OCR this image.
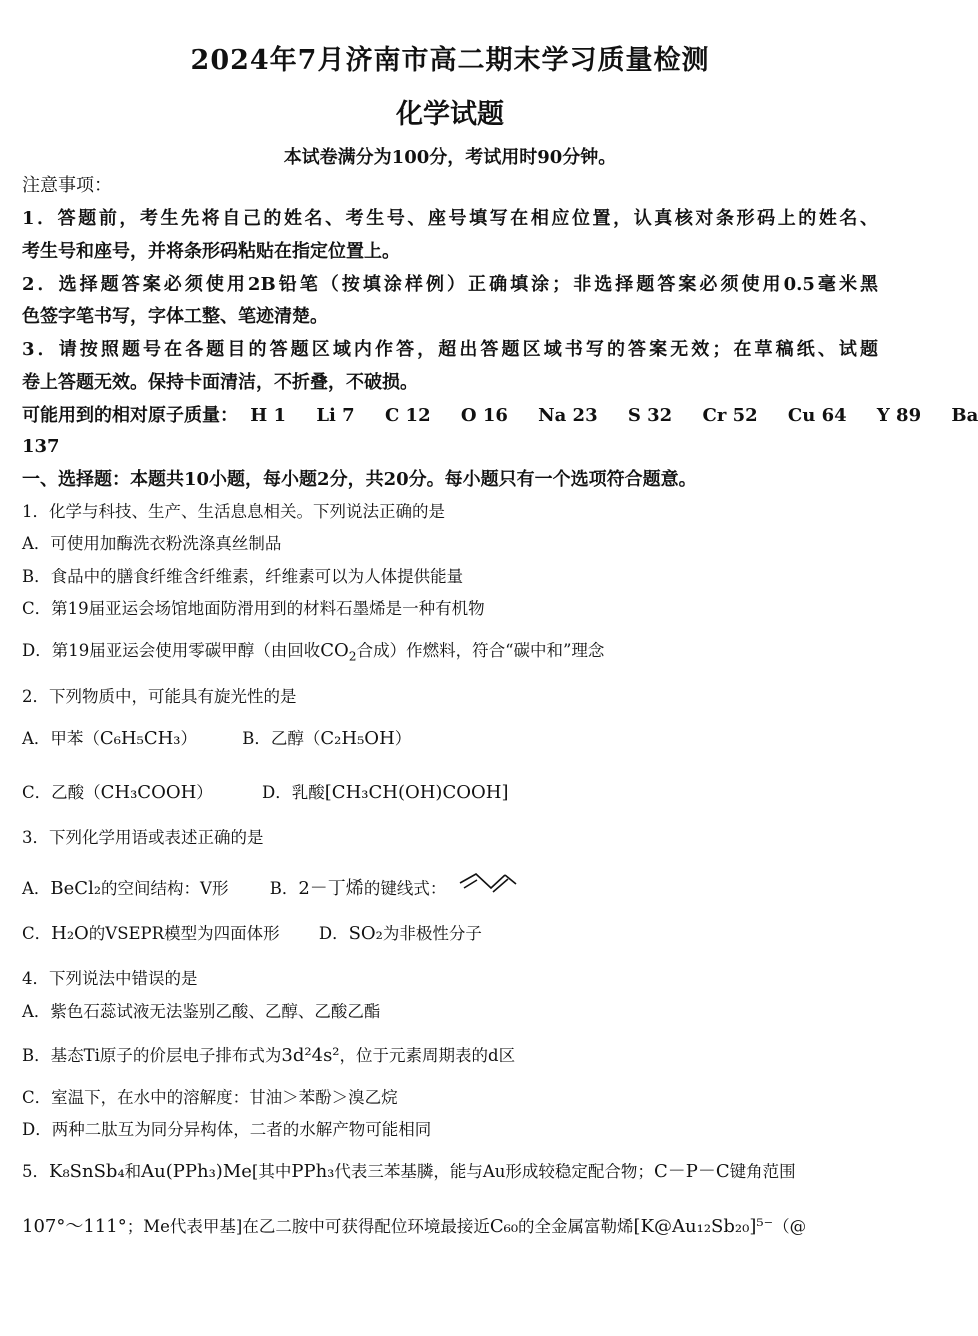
2024年7月济南市高二期末学习质量检测
化学试题
本试卷满分为100分，考试用时90分钟。
注意事项：
1．答题前，考生先将自己的姓名、考生号、座号填写在相应位置，认真核对条形码上的姓名、
考生号和座号，并将条形码粘贴在指定位置上。
2．选择题答案必须使用2B铅笔（按填涂样例）正确填涂；非选择题答案必须使用0.5毫米黑
色签字笔书写，字体工整、笔迹清楚。
3．请按照题号在各题目的答题区域内作答，超出答题区域书写的答案无效；在草稿纸、试题
卷上答题无效。保持卡面清洁，不折叠，不破损。
可能用到的相对原子质量： H 1 Li 7 C 12 O 16 Na 23 S 32 Cr 52 Cu 64 Y 89 Ba
137
一、选择题：本题共10小题，每小题2分，共20分。每小题只有一个选项符合题意。
1．化学与科技、生产、生活息息相关。下列说法正确的是
A．可使用加酶洗衣粉洗涤真丝制品
B．食品中的膳食纤维含纤维素，纤维素可以为人体提供能量
C．第19届亚运会场馆地面防滑用到的材料石墨烯是一种有机物
D．第19届亚运会使用零碳甲醇（由回收$CO_2$合成）作燃料，符合“碳中和”理念
2．下列物质中，可能具有旋光性的是
A．甲苯（C₆H₅CH₃）	B．乙醇（C₂H₅OH）
C．乙酸（CH₃COOH）	D．乳酸[CH₃CH(OH)COOH]
3．下列化学用语或表述正确的是
A．BeCl₂的空间结构：V形	B．2－丁烯的键线式：
C．H₂O的VSEPR模型为四面体形 D．SO₂为非极性分子
4．下列说法中错误的是
A．紫色石蕊试液无法鉴别乙酸、乙醇、乙酸乙酯
B．基态Ti原子的价层电子排布式为3d²4s²，位于元素周期表的d区
C．室温下，在水中的溶解度：甘油＞苯酚＞溴乙烷
D．两种二肽互为同分异构体，二者的水解产物可能相同
5．K₈SnSb₄和Au(PPh₃)Me[其中PPh₃代表三苯基膦，能与Au形成较稳定配合物；C－P－C键角范围
107°～111°；Me代表甲基]在乙二胺中可获得配位环境最接近C₆₀的全金属富勒烯[K@Au₁₂Sb₂₀]⁵⁻（@
